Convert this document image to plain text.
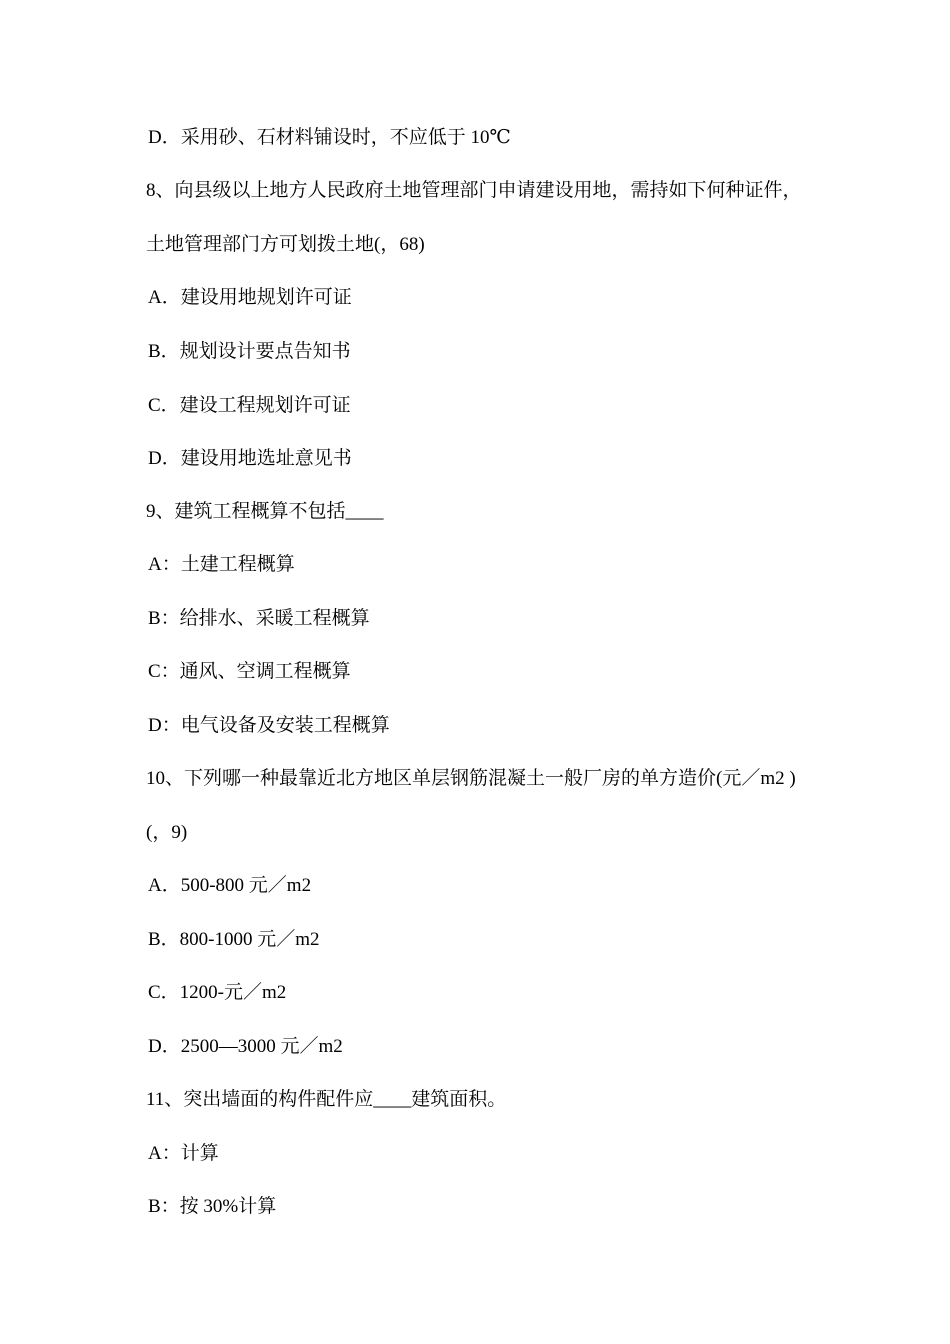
D．采用砂、石材料铺设时，不应低于 10℃
8、向县级以上地方人民政府土地管理部门申请建设用地，需持如下何种证件，
土地管理部门方可划拨土地(，68)
A．建设用地规划许可证
B．规划设计要点告知书
C．建设工程规划许可证
D．建设用地选址意见书
9、建筑工程概算不包括____
A：土建工程概算
B：给排水、采暖工程概算
C：通风、空调工程概算
D：电气设备及安装工程概算
10、下列哪一种最靠近北方地区单层钢筋混凝土一般厂房的单方造价(元／m2 )
(，9)
A．500-800 元／m2
B．800-1000 元／m2
C．1200-元／m2
D．2500—3000 元／m2
11、突出墙面的构件配件应____建筑面积。
A：计算
B：按 30%计算
